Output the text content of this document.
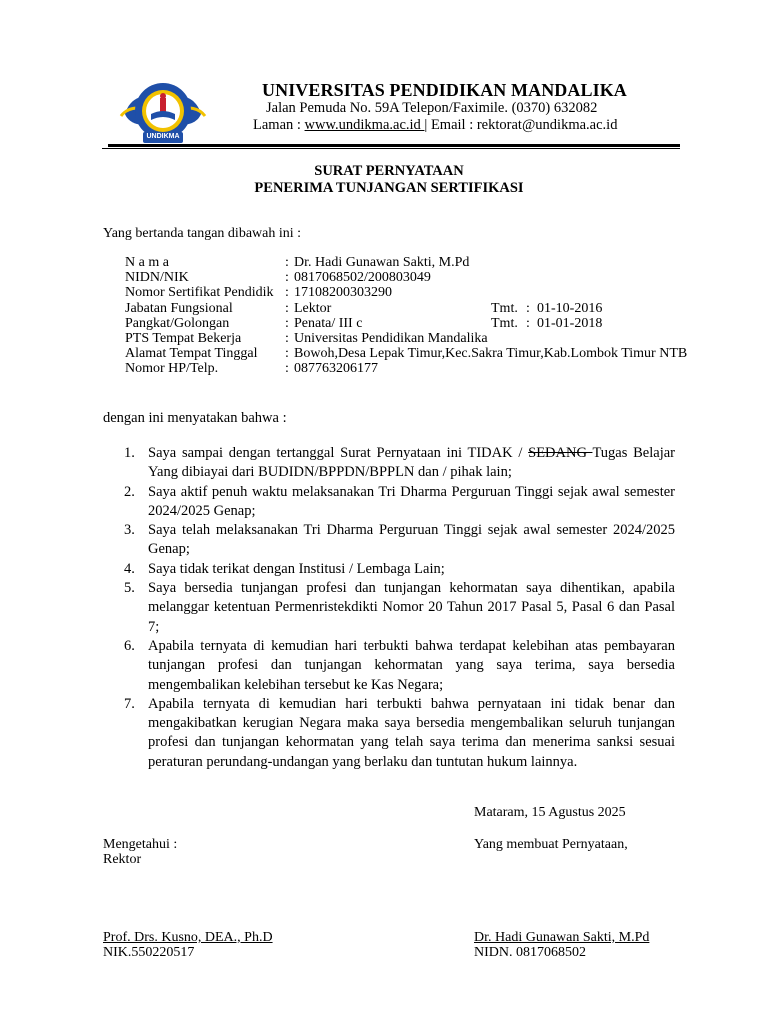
UNDIKMA
UNIVERSITAS PENDIDIKAN MANDALIKA
Jalan Pemuda No. 59A Telepon/Faximile. (0370) 632082
Laman : www.undikma.ac.id | Email : rektorat@undikma.ac.id
SURAT PERNYATAAN
PENERIMA TUNJANGAN SERTIFIKASI
Yang bertanda tangan dibawah ini :
N a m a	: Dr. Hadi Gunawan Sakti, M.Pd
NIDN/NIK	: 0817068502/200803049
Nomor Sertifikat Pendidik : 17108200303290
Jabatan Fungsional	: Lektor	Tmt. : 01-10-2016
Pangkat/Golongan	: Penata/ III c	Tmt. : 01-01-2018
PTS Tempat Bekerja	: Universitas Pendidikan Mandalika
Alamat Tempat Tinggal : Bowoh,Desa Lepak Timur,Kec.Sakra Timur,Kab.Lombok Timur NTB
Nomor HP/Telp.	: 087763206177
dengan ini menyatakan bahwa :
1. Saya sampai dengan tertanggal Surat Pernyataan ini TIDAK / SEDANG Tugas Belajar Yang dibiayai dari BUDIDN/BPPDN/BPPLN dan / pihak lain;
2. Saya aktif penuh waktu melaksanakan Tri Dharma Perguruan Tinggi sejak awal semester 2024/2025 Genap;
3. Saya telah melaksanakan Tri Dharma Perguruan Tinggi sejak awal semester 2024/2025 Genap;
4. Saya tidak terikat dengan Institusi / Lembaga Lain;
5. Saya bersedia tunjangan profesi dan tunjangan kehormatan saya dihentikan, apabila melanggar ketentuan Permenristekdikti Nomor 20 Tahun 2017 Pasal 5, Pasal 6 dan Pasal 7;
6. Apabila ternyata di kemudian hari terbukti bahwa terdapat kelebihan atas pembayaran tunjangan profesi dan tunjangan kehormatan yang saya terima, saya bersedia mengembalikan kelebihan tersebut ke Kas Negara;
7. Apabila ternyata di kemudian hari terbukti bahwa pernyataan ini tidak benar dan mengakibatkan kerugian Negara maka saya bersedia mengembalikan seluruh tunjangan profesi dan tunjangan kehormatan yang telah saya terima dan menerima sanksi sesuai peraturan perundang-undangan yang berlaku dan tuntutan hukum lainnya.
Mataram, 15 Agustus 2025
Mengetahui :
Rektor
Yang membuat Pernyataan,
Prof. Drs. Kusno, DEA., Ph.D
NIK.550220517
Dr. Hadi Gunawan Sakti, M.Pd
NIDN. 0817068502
